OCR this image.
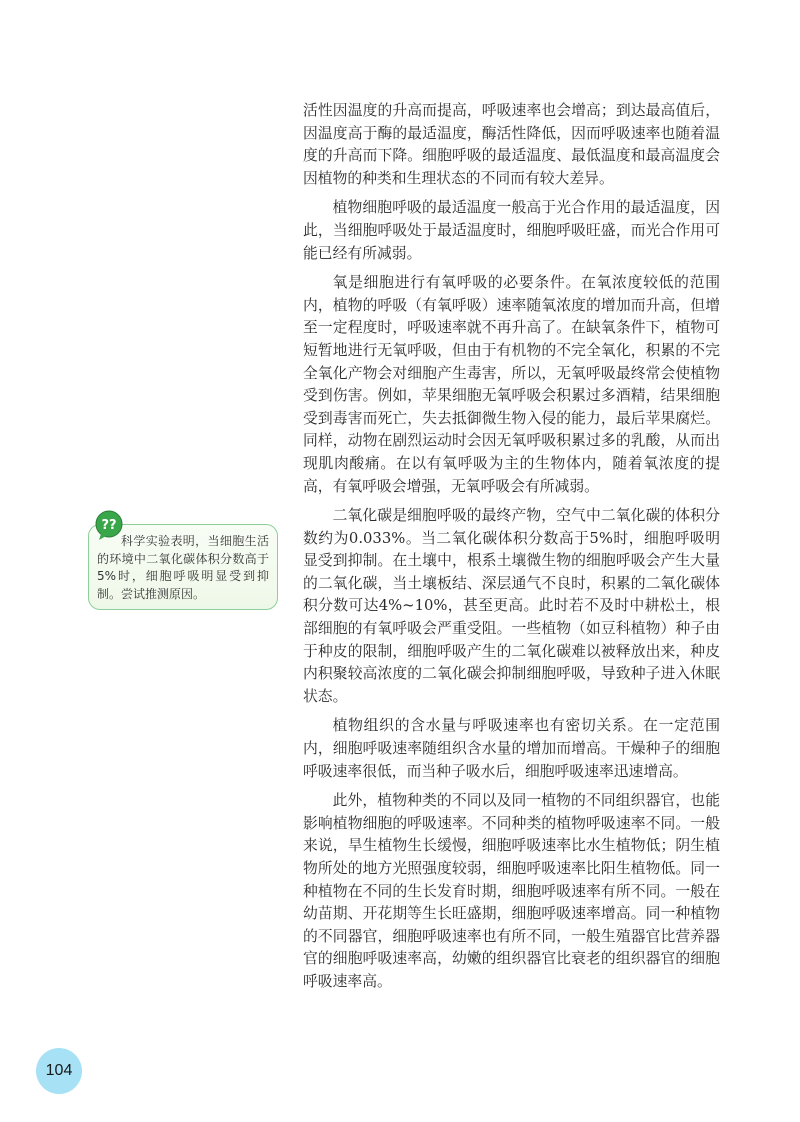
活性因温度的升高而提高，呼吸速率也会增高；到达最高值后，因温度高于酶的最适温度，酶活性降低，因而呼吸速率也随着温度的升高而下降。细胞呼吸的最适温度、最低温度和最高温度会因植物的种类和生理状态的不同而有较大差异。

植物细胞呼吸的最适温度一般高于光合作用的最适温度，因此，当细胞呼吸处于最适温度时，细胞呼吸旺盛，而光合作用可能已经有所减弱。

氧是细胞进行有氧呼吸的必要条件。在氧浓度较低的范围内，植物的呼吸（有氧呼吸）速率随氧浓度的增加而升高，但增至一定程度时，呼吸速率就不再升高了。在缺氧条件下，植物可短暂地进行无氧呼吸，但由于有机物的不完全氧化，积累的不完全氧化产物会对细胞产生毒害，所以，无氧呼吸最终常会使植物受到伤害。例如，苹果细胞无氧呼吸会积累过多酒精，结果细胞受到毒害而死亡，失去抵御微生物入侵的能力，最后苹果腐烂。同样，动物在剧烈运动时会因无氧呼吸积累过多的乳酸，从而出现肌肉酸痛。在以有氧呼吸为主的生物体内，随着氧浓度的提高，有氧呼吸会增强，无氧呼吸会有所减弱。

二氧化碳是细胞呼吸的最终产物，空气中二氧化碳的体积分数约为0.033%。当二氧化碳体积分数高于5%时，细胞呼吸明显受到抑制。在土壤中，根系土壤微生物的细胞呼吸会产生大量的二氧化碳，当土壤板结、深层通气不良时，积累的二氧化碳体积分数可达4%~10%，甚至更高。此时若不及时中耕松土，根部细胞的有氧呼吸会严重受阻。一些植物（如豆科植物）种子由于种皮的限制，细胞呼吸产生的二氧化碳难以被释放出来，种皮内积聚较高浓度的二氧化碳会抑制细胞呼吸，导致种子进入休眠状态。

植物组织的含水量与呼吸速率也有密切关系。在一定范围内，细胞呼吸速率随组织含水量的增加而增高。干燥种子的细胞呼吸速率很低，而当种子吸水后，细胞呼吸速率迅速增高。

此外，植物种类的不同以及同一植物的不同组织器官，也能影响植物细胞的呼吸速率。不同种类的植物呼吸速率不同。一般来说，旱生植物生长缓慢，细胞呼吸速率比水生植物低；阴生植物所处的地方光照强度较弱，细胞呼吸速率比阳生植物低。同一种植物在不同的生长发育时期，细胞呼吸速率有所不同。一般在幼苗期、开花期等生长旺盛期，细胞呼吸速率增高。同一种植物的不同器官，细胞呼吸速率也有所不同，一般生殖器官比营养器官的细胞呼吸速率高，幼嫩的组织器官比衰老的组织器官的细胞呼吸速率高。

??

科学实验表明，当细胞生活的环境中二氧化碳体积分数高于5%时，细胞呼吸明显受到抑制。尝试推测原因。

104
